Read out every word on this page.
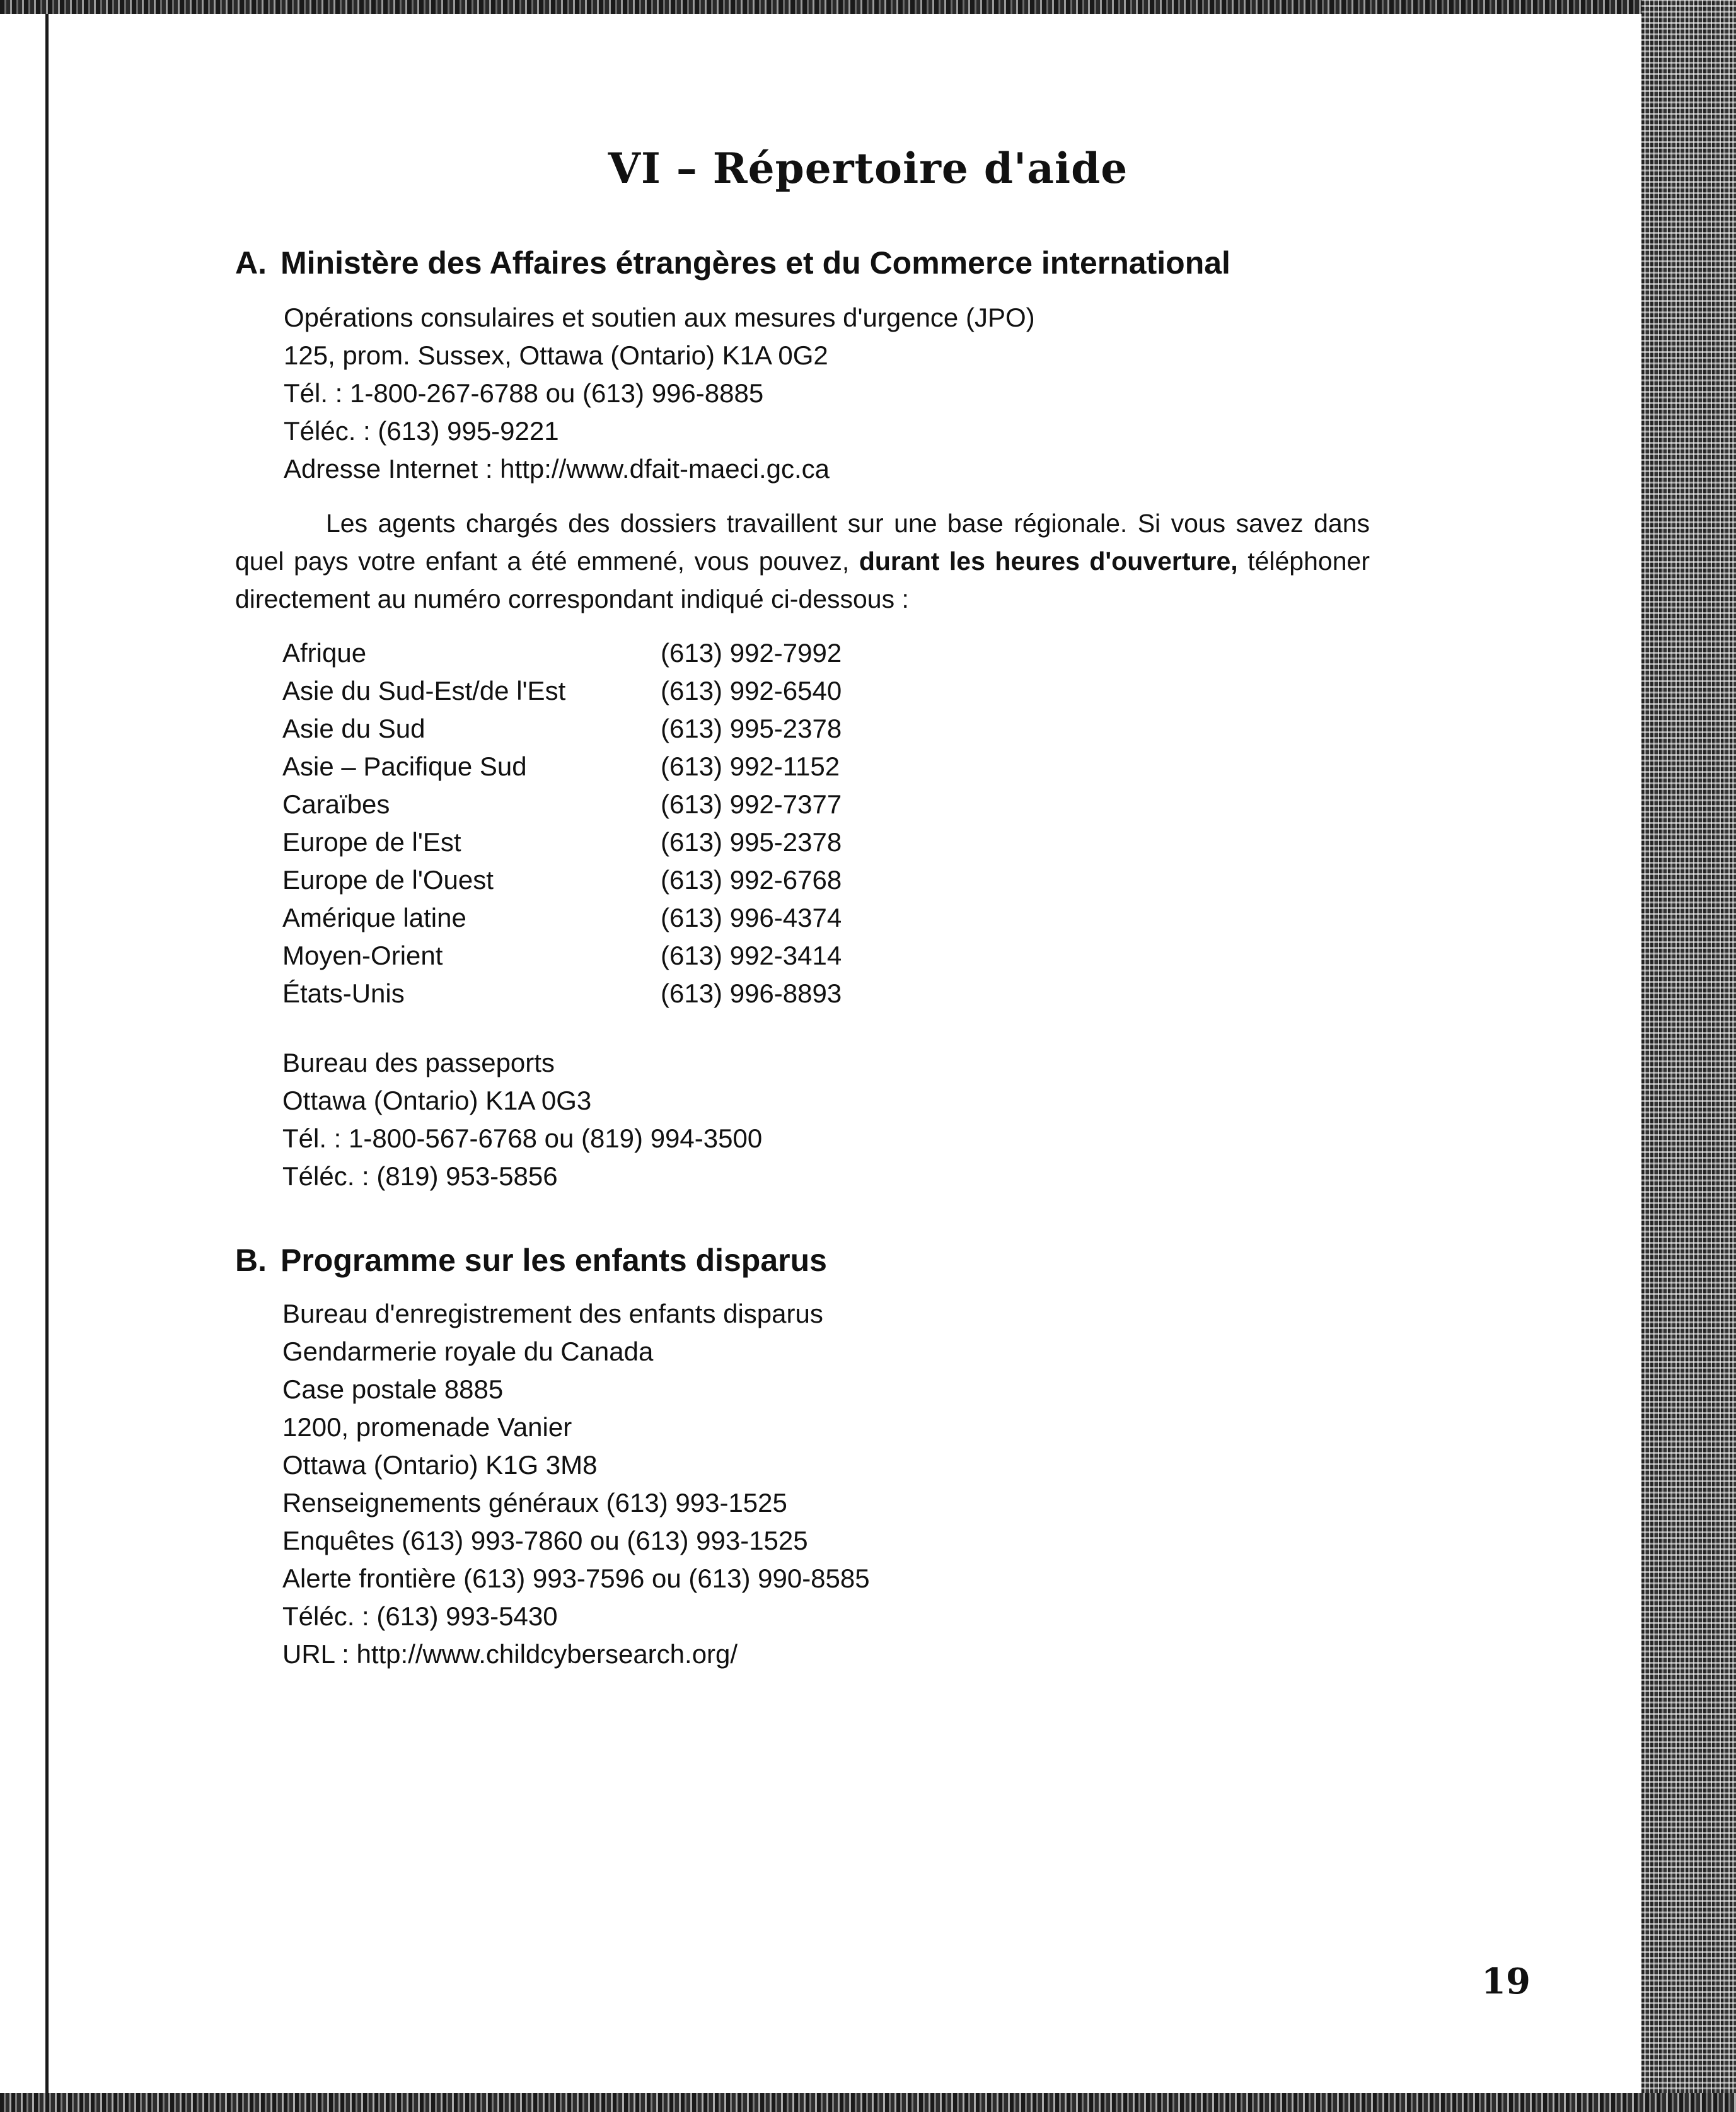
VI – Répertoire d'aide
A. Ministère des Affaires étrangères et du Commerce international
Opérations consulaires et soutien aux mesures d'urgence (JPO)
125, prom. Sussex, Ottawa (Ontario) K1A 0G2
Tél. : 1-800-267-6788 ou (613) 996-8885
Téléc. : (613) 995-9221
Adresse Internet : http://www.dfait-maeci.gc.ca
Les agents chargés des dossiers travaillent sur une base régionale. Si vous savez dans quel pays votre enfant a été emmené, vous pouvez, durant les heures d'ouverture, téléphoner directement au numéro correspondant indiqué ci-dessous :
Afrique	(613) 992-7992
Asie du Sud-Est/de l'Est	(613) 992-6540
Asie du Sud	(613) 995-2378
Asie – Pacifique Sud	(613) 992-1152
Caraïbes	(613) 992-7377
Europe de l'Est	(613) 995-2378
Europe de l'Ouest	(613) 992-6768
Amérique latine	(613) 996-4374
Moyen-Orient	(613) 992-3414
États-Unis	(613) 996-8893
Bureau des passeports
Ottawa (Ontario) K1A 0G3
Tél. : 1-800-567-6768 ou (819) 994-3500
Téléc. : (819) 953-5856
B. Programme sur les enfants disparus
Bureau d'enregistrement des enfants disparus
Gendarmerie royale du Canada
Case postale 8885
1200, promenade Vanier
Ottawa (Ontario) K1G 3M8
Renseignements généraux (613) 993-1525
Enquêtes (613) 993-7860 ou (613) 993-1525
Alerte frontière (613) 993-7596 ou (613) 990-8585
Téléc. : (613) 993-5430
URL : http://www.childcybersearch.org/
19
